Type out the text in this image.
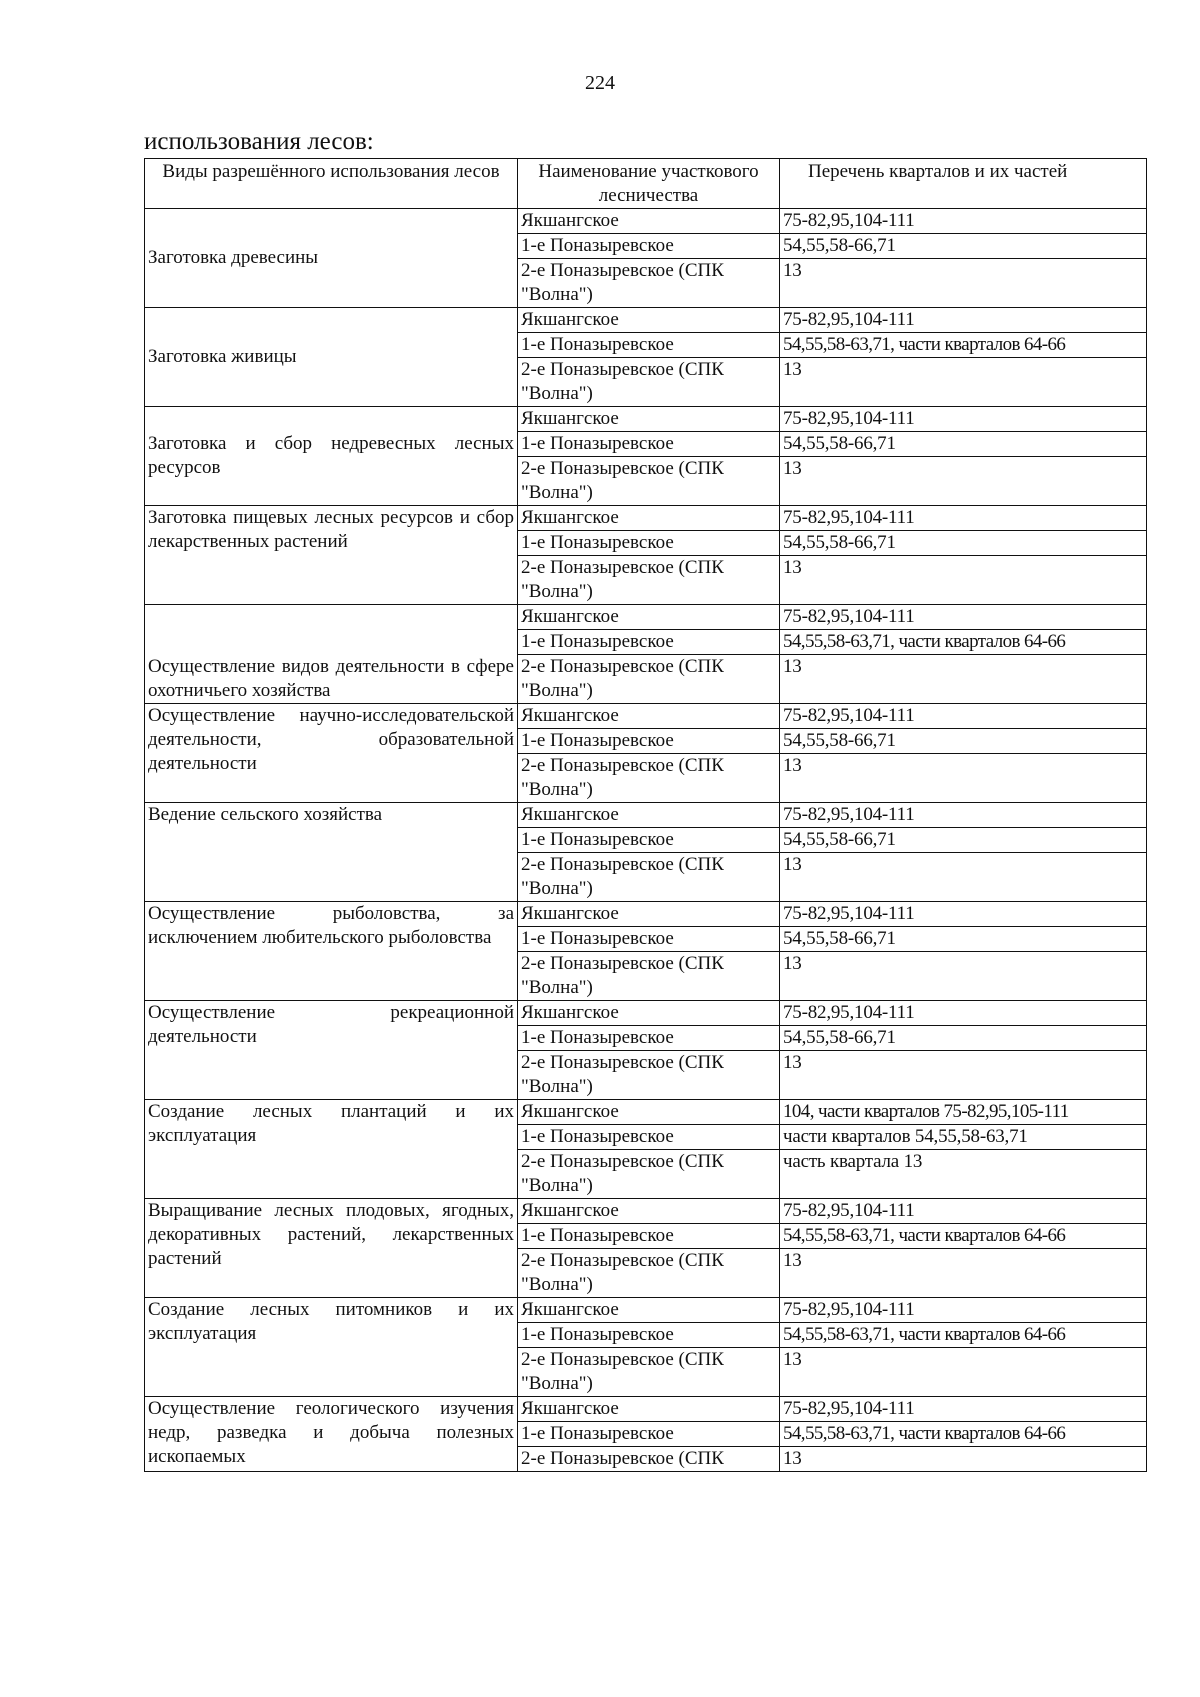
224
использования лесов:
Виды разрешённого использования лесов	Наименование участкового лесничества	Перечень кварталов и их частей
Заготовка древесины	Якшангское	75-82,95,104-111
	1-е Поназыревское	54,55,58-66,71
	2-е Поназыревское (СПК "Волна")	13
Заготовка живицы	Якшангское	75-82,95,104-111
	1-е Поназыревское	54,55,58-63,71, части кварталов 64-66
	2-е Поназыревское (СПК "Волна")	13
Заготовка и сбор недревесных лесных ресурсов	Якшангское	75-82,95,104-111
	1-е Поназыревское	54,55,58-66,71
	2-е Поназыревское (СПК "Волна")	13
Заготовка пищевых лесных ресурсов и сбор лекарственных растений	Якшангское	75-82,95,104-111
	1-е Поназыревское	54,55,58-66,71
	2-е Поназыревское (СПК "Волна")	13
Осуществление видов деятельности в сфере охотничьего хозяйства	Якшангское	75-82,95,104-111
	1-е Поназыревское	54,55,58-63,71, части кварталов 64-66
	2-е Поназыревское (СПК "Волна")	13
Осуществление научно-исследовательской деятельности, образовательной деятельности	Якшангское	75-82,95,104-111
	1-е Поназыревское	54,55,58-66,71
	2-е Поназыревское (СПК "Волна")	13
Ведение сельского хозяйства	Якшангское	75-82,95,104-111
	1-е Поназыревское	54,55,58-66,71
	2-е Поназыревское (СПК "Волна")	13
Осуществление рыболовства, за исключением любительского рыболовства	Якшангское	75-82,95,104-111
	1-е Поназыревское	54,55,58-66,71
	2-е Поназыревское (СПК "Волна")	13
Осуществление рекреационной деятельности	Якшангское	75-82,95,104-111
	1-е Поназыревское	54,55,58-66,71
	2-е Поназыревское (СПК "Волна")	13
Создание лесных плантаций и их эксплуатация	Якшангское	104, части кварталов 75-82,95,105-111
	1-е Поназыревское	части кварталов 54,55,58-63,71
	2-е Поназыревское (СПК "Волна")	часть квартала 13
Выращивание лесных плодовых, ягодных, декоративных растений, лекарственных растений	Якшангское	75-82,95,104-111
	1-е Поназыревское	54,55,58-63,71, части кварталов 64-66
	2-е Поназыревское (СПК "Волна")	13
Создание лесных питомников и их эксплуатация	Якшангское	75-82,95,104-111
	1-е Поназыревское	54,55,58-63,71, части кварталов 64-66
	2-е Поназыревское (СПК "Волна")	13
Осуществление геологического изучения недр, разведка и добыча полезных ископаемых	Якшангское	75-82,95,104-111
	1-е Поназыревское	54,55,58-63,71, части кварталов 64-66
	2-е Поназыревское (СПК	13
